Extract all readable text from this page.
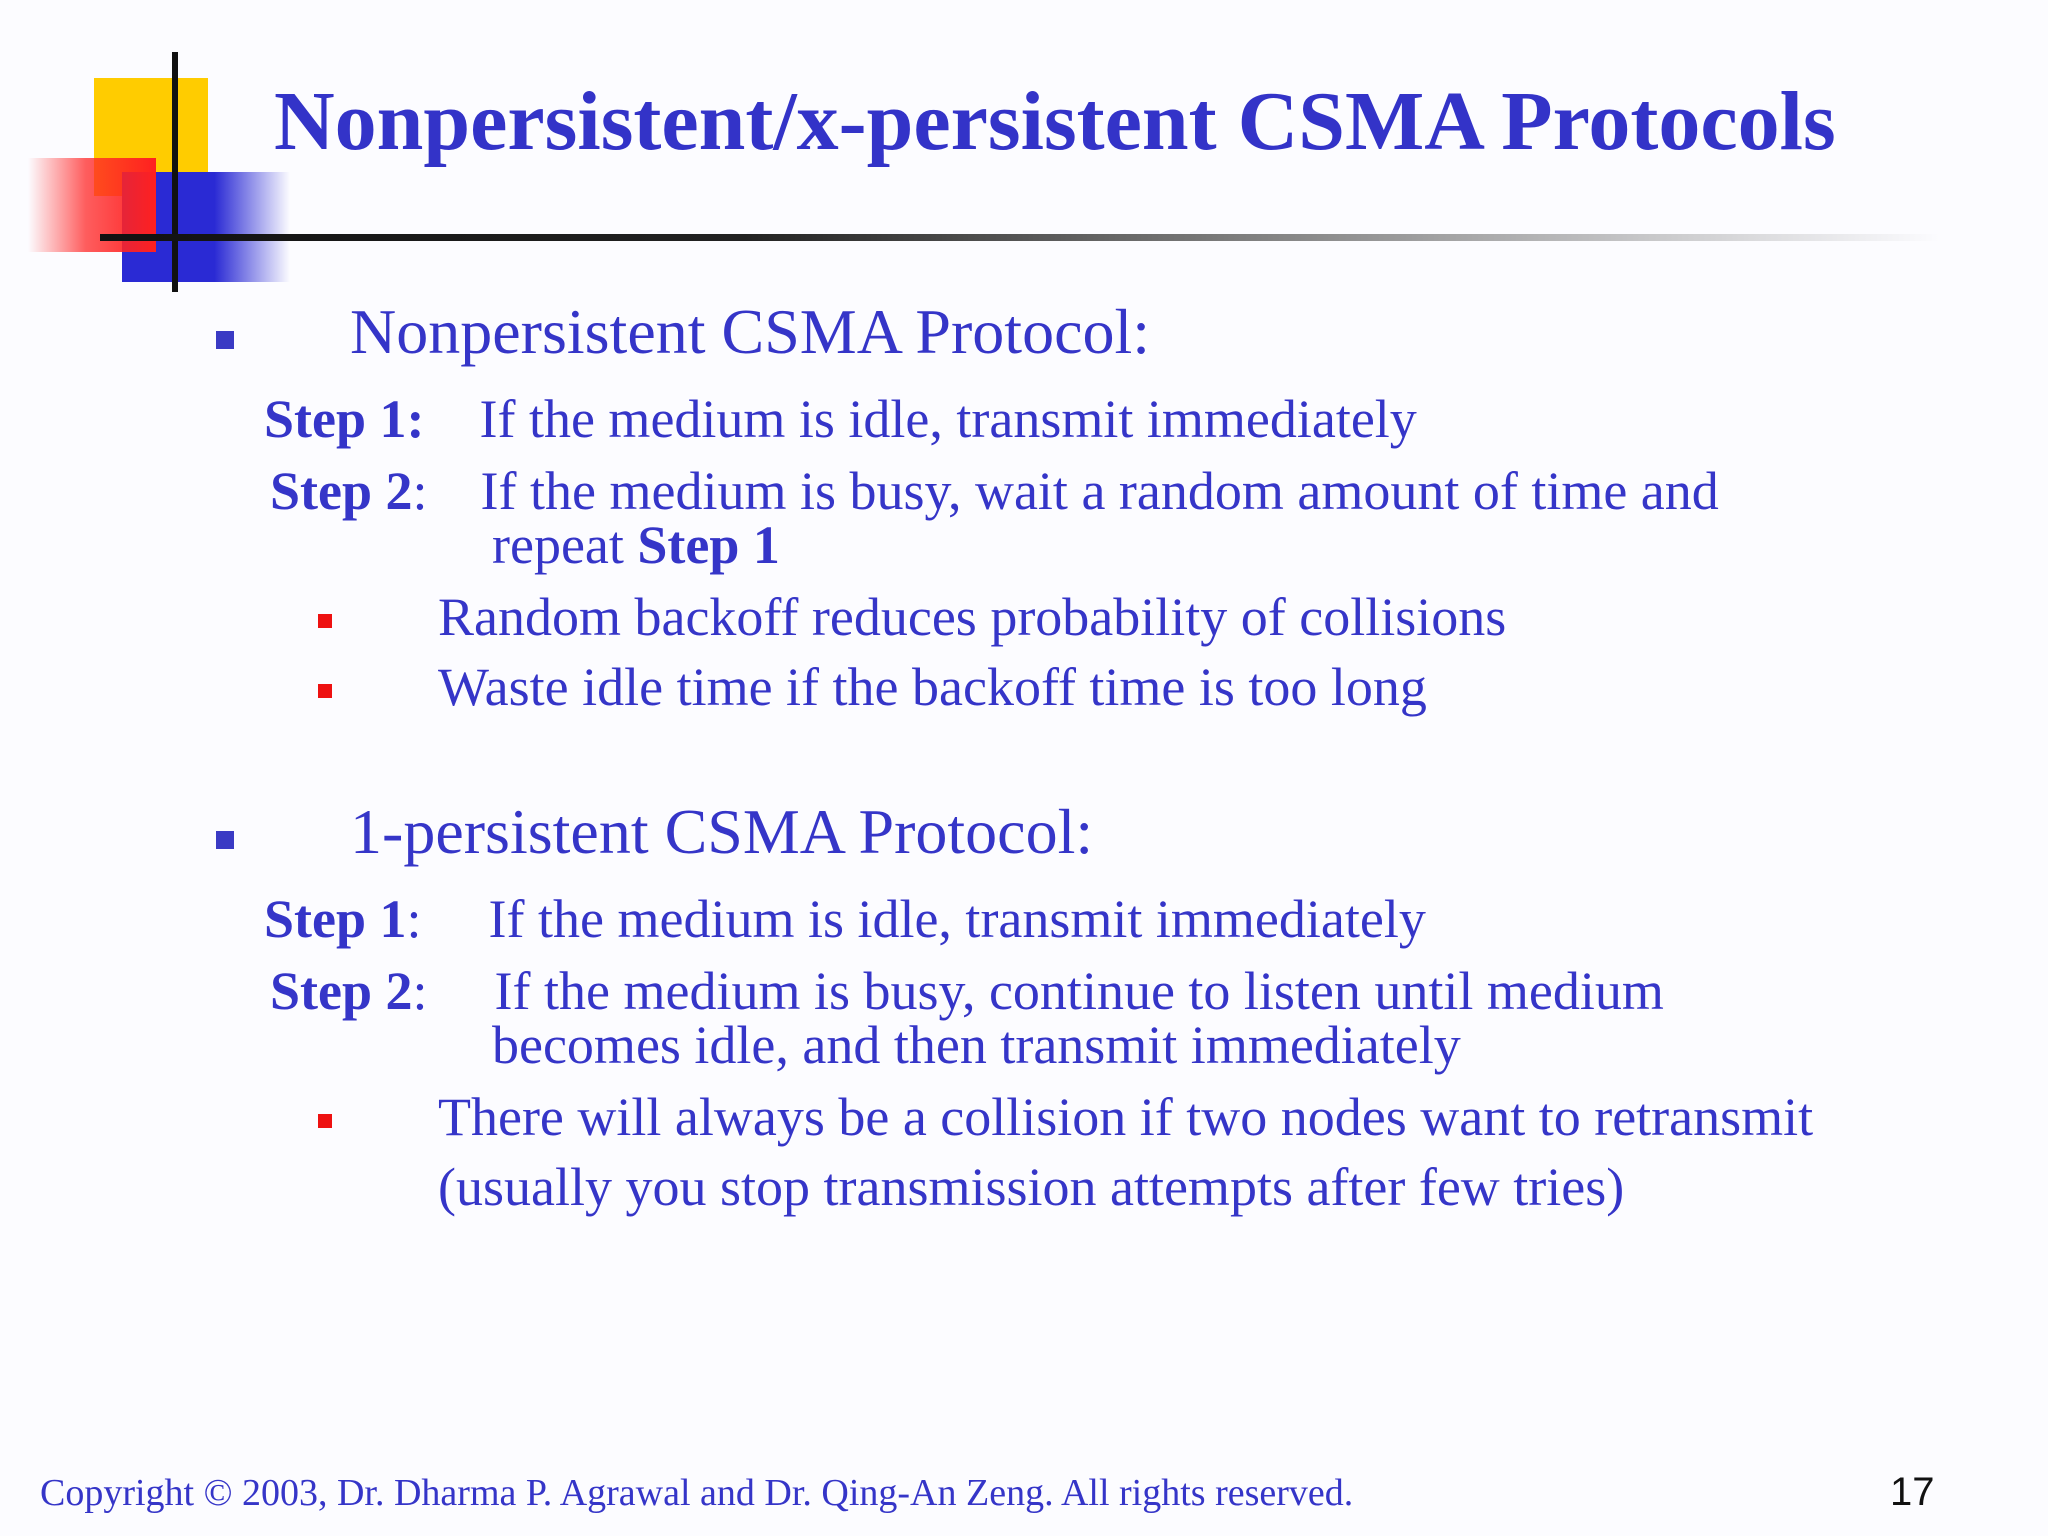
Nonpersistent/x-persistent CSMA Protocols
Nonpersistent CSMA Protocol:
Step 1: If the medium is idle, transmit immediately
Step 2: If the medium is busy, wait a random amount of time and
repeat Step 1
Random backoff reduces probability of collisions
Waste idle time if the backoff time is too long
1-persistent CSMA Protocol:
Step 1: If the medium is idle, transmit immediately
Step 2: If the medium is busy, continue to listen until medium
becomes idle, and then transmit immediately
There will always be a collision if two nodes want to retransmit
(usually you stop transmission attempts after few tries)
Copyright © 2003, Dr. Dharma P. Agrawal and Dr. Qing-An Zeng. All rights reserved.	17
